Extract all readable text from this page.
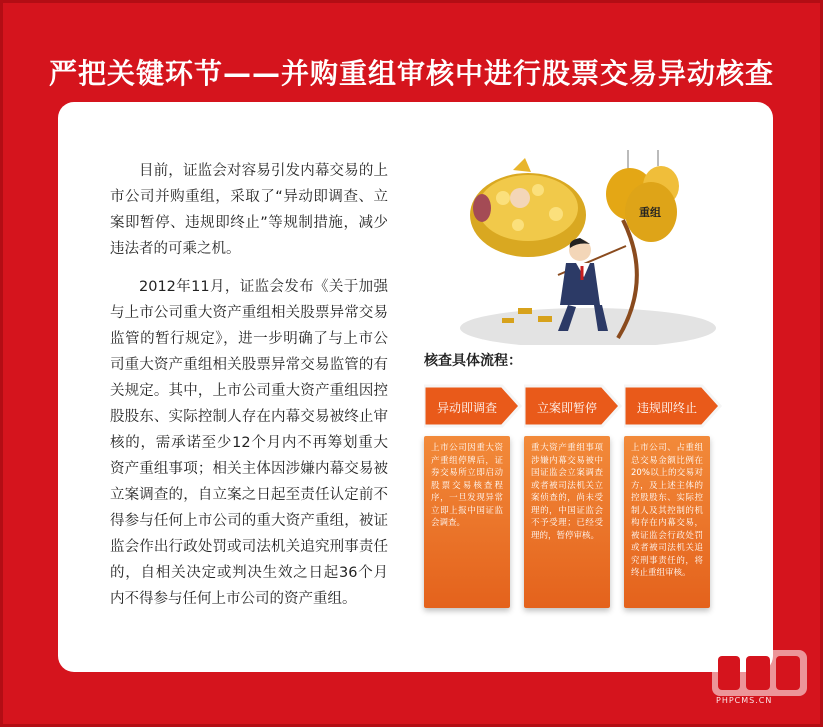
严把关键环节——并购重组审核中进行股票交易异动核查

目前，证监会对容易引发内幕交易的上市公司并购重组，采取了“异动即调查、立案即暂停、违规即终止”等规制措施，减少违法者的可乘之机。

2012年11月，证监会发布《关于加强与上市公司重大资产重组相关股票异常交易监管的暂行规定》，进一步明确了与上市公司重大资产重组相关股票异常交易监管的有关规定。其中，上市公司重大资产重组因控股股东、实际控制人存在内幕交易被终止审核的，需承诺至少12个月内不再筹划重大资产重组事项；相关主体因涉嫌内幕交易被立案调查的，自立案之日起至责任认定前不得参与任何上市公司的重大资产重组，被证监会作出行政处罚或司法机关追究刑事责任的，自相关决定或判决生效之日起36个月内不得参与任何上市公司的资产重组。

重组
核查具体流程：
异动即调查

上市公司因重大资产重组停牌后，证券交易所立即启动股票交易核查程序，一旦发现异常立即上报中国证监会调查。

立案即暂停

重大资产重组事项涉嫌内幕交易被中国证监会立案调查或者被司法机关立案侦查的，尚未受理的，中国证监会不予受理；已经受理的，暂停审核。

违规即终止

上市公司、占重组总交易金额比例在20%以上的交易对方，及上述主体的控股股东、实际控制人及其控制的机构存在内幕交易，被证监会行政处罚或者被司法机关追究刑事责任的，将终止重组审核。

PHPCMS.CN
